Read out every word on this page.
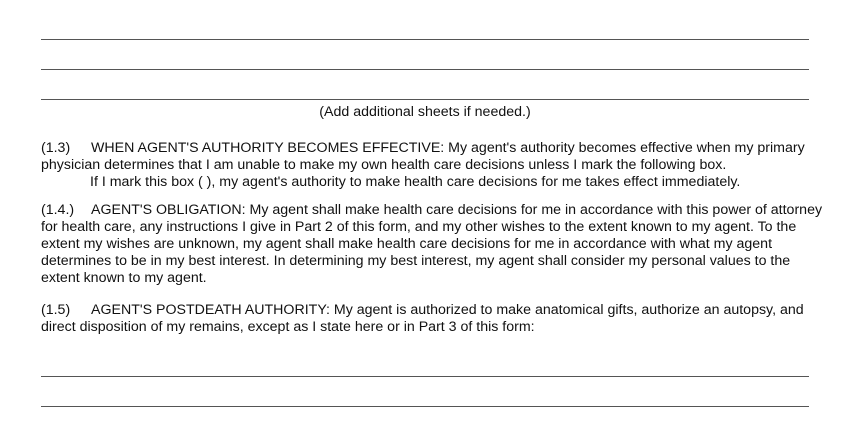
(Add additional sheets if needed.)
(1.3) WHEN AGENT'S AUTHORITY BECOMES EFFECTIVE: My agent's authority becomes effective when my primary
physician determines that I am unable to make my own health care decisions unless I mark the following box.
If I mark this box ( ), my agent's authority to make health care decisions for me takes effect immediately.
(1.4.) AGENT'S OBLIGATION: My agent shall make health care decisions for me in accordance with this power of attorney
for health care, any instructions I give in Part 2 of this form, and my other wishes to the extent known to my agent. To the
extent my wishes are unknown, my agent shall make health care decisions for me in accordance with what my agent
determines to be in my best interest. In determining my best interest, my agent shall consider my personal values to the
extent known to my agent.
(1.5) AGENT'S POSTDEATH AUTHORITY: My agent is authorized to make anatomical gifts, authorize an autopsy, and
direct disposition of my remains, except as I state here or in Part 3 of this form:
